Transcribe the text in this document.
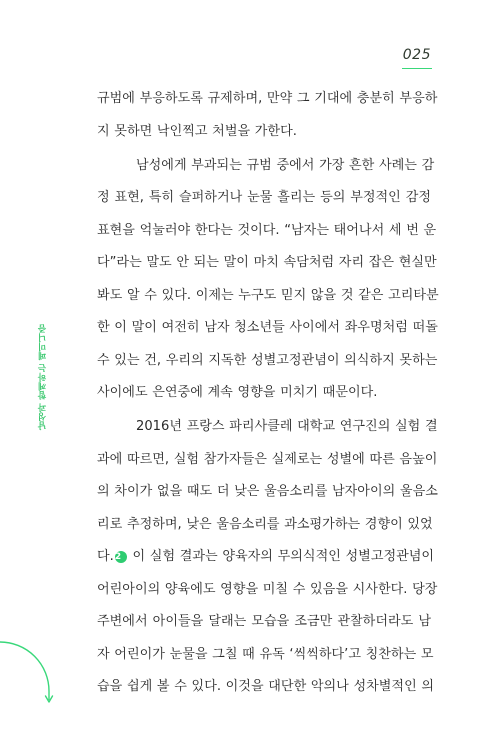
025
남성과 함께하는 페미니즘
규범에 부응하도록 규제하며, 만약 그 기대에 충분히 부응하
지 못하면 낙인찍고 처벌을 가한다.
남성에게 부과되는 규범 중에서 가장 흔한 사례는 감
정 표현, 특히 슬퍼하거나 눈물 흘리는 등의 부정적인 감정
표현을 억눌러야 한다는 것이다. “남자는 태어나서 세 번 운
다”라는 말도 안 되는 말이 마치 속담처럼 자리 잡은 현실만
봐도 알 수 있다. 이제는 누구도 믿지 않을 것 같은 고리타분
한 이 말이 여전히 남자 청소년들 사이에서 좌우명처럼 떠돌
수 있는 건, 우리의 지독한 성별고정관념이 의식하지 못하는
사이에도 은연중에 계속 영향을 미치기 때문이다.
2016년 프랑스 파리사클레 대학교 연구진의 실험 결
과에 따르면, 실험 참가자들은 실제로는 성별에 따른 음높이
의 차이가 없을 때도 더 낮은 울음소리를 남자아이의 울음소
리로 추정하며, 낮은 울음소리를 과소평가하는 경향이 있었
다.2 이 실험 결과는 양육자의 무의식적인 성별고정관념이
어린아이의 양육에도 영향을 미칠 수 있음을 시사한다. 당장
주변에서 아이들을 달래는 모습을 조금만 관찰하더라도 남
자 어린이가 눈물을 그칠 때 유독 ‘씩씩하다’고 칭찬하는 모
습을 쉽게 볼 수 있다. 이것을 대단한 악의나 성차별적인 의
